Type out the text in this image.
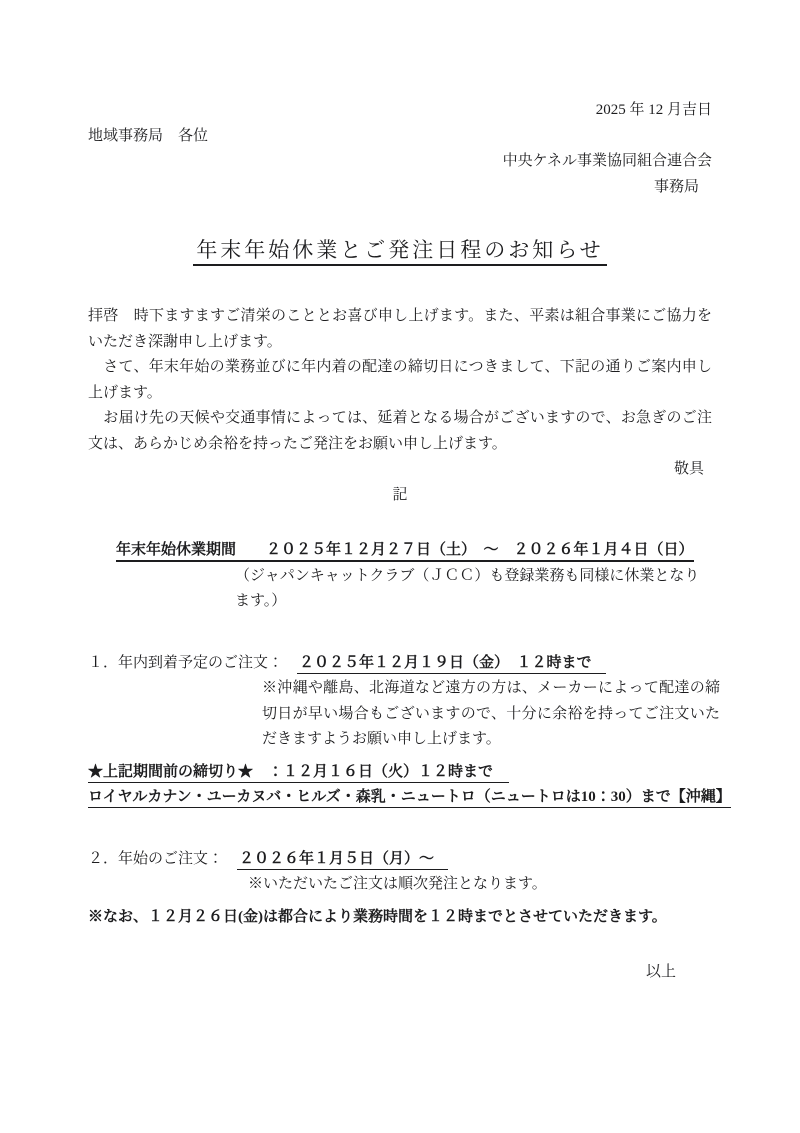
2025 年 12 月吉日
地域事務局　各位
中央ケネル事業協同組合連合会
事務局
年末年始休業とご発注日程のお知らせ

拝啓　時下ますますご清栄のこととお喜び申し上げます。また、平素は組合事業にご協力をいただき深謝申し上げます。

　さて、年末年始の業務並びに年内着の配達の締切日につきまして、下記の通りご案内申し上げます。

　お届け先の天候や交通事情によっては、延着となる場合がございますので、お急ぎのご注文は、あらかじめ余裕を持ったご発注をお願い申し上げます。

敬具
記
年末年始休業期間 ２０２５年１２月２７日（土）　～　２０２６年１月４日（日）
（ジャパンキャットクラブ（ＪＣＣ）も登録業務も同様に休業となります。）
１．年内到着予定のご注文： ２０２５年１２月１９日（金）　１２時まで
※沖縄や離島、北海道など遠方の方は、メーカーによって配達の締切日が早い場合もございますので、十分に余裕を持ってご注文いただきますようお願い申し上げます。
★上記期間前の締切り★　：１２月１６日（火）１２時まで
ロイヤルカナン・ユーカヌバ・ヒルズ・森乳・ニュートロ（ニュートロは10：30）まで【沖縄】
２．年始のご注文： ２０２６年１月５日（月）～
※いただいたご注文は順次発注となります。
※なお、１２月２６日(金)は都合により業務時間を１２時までとさせていただきます。
以上
